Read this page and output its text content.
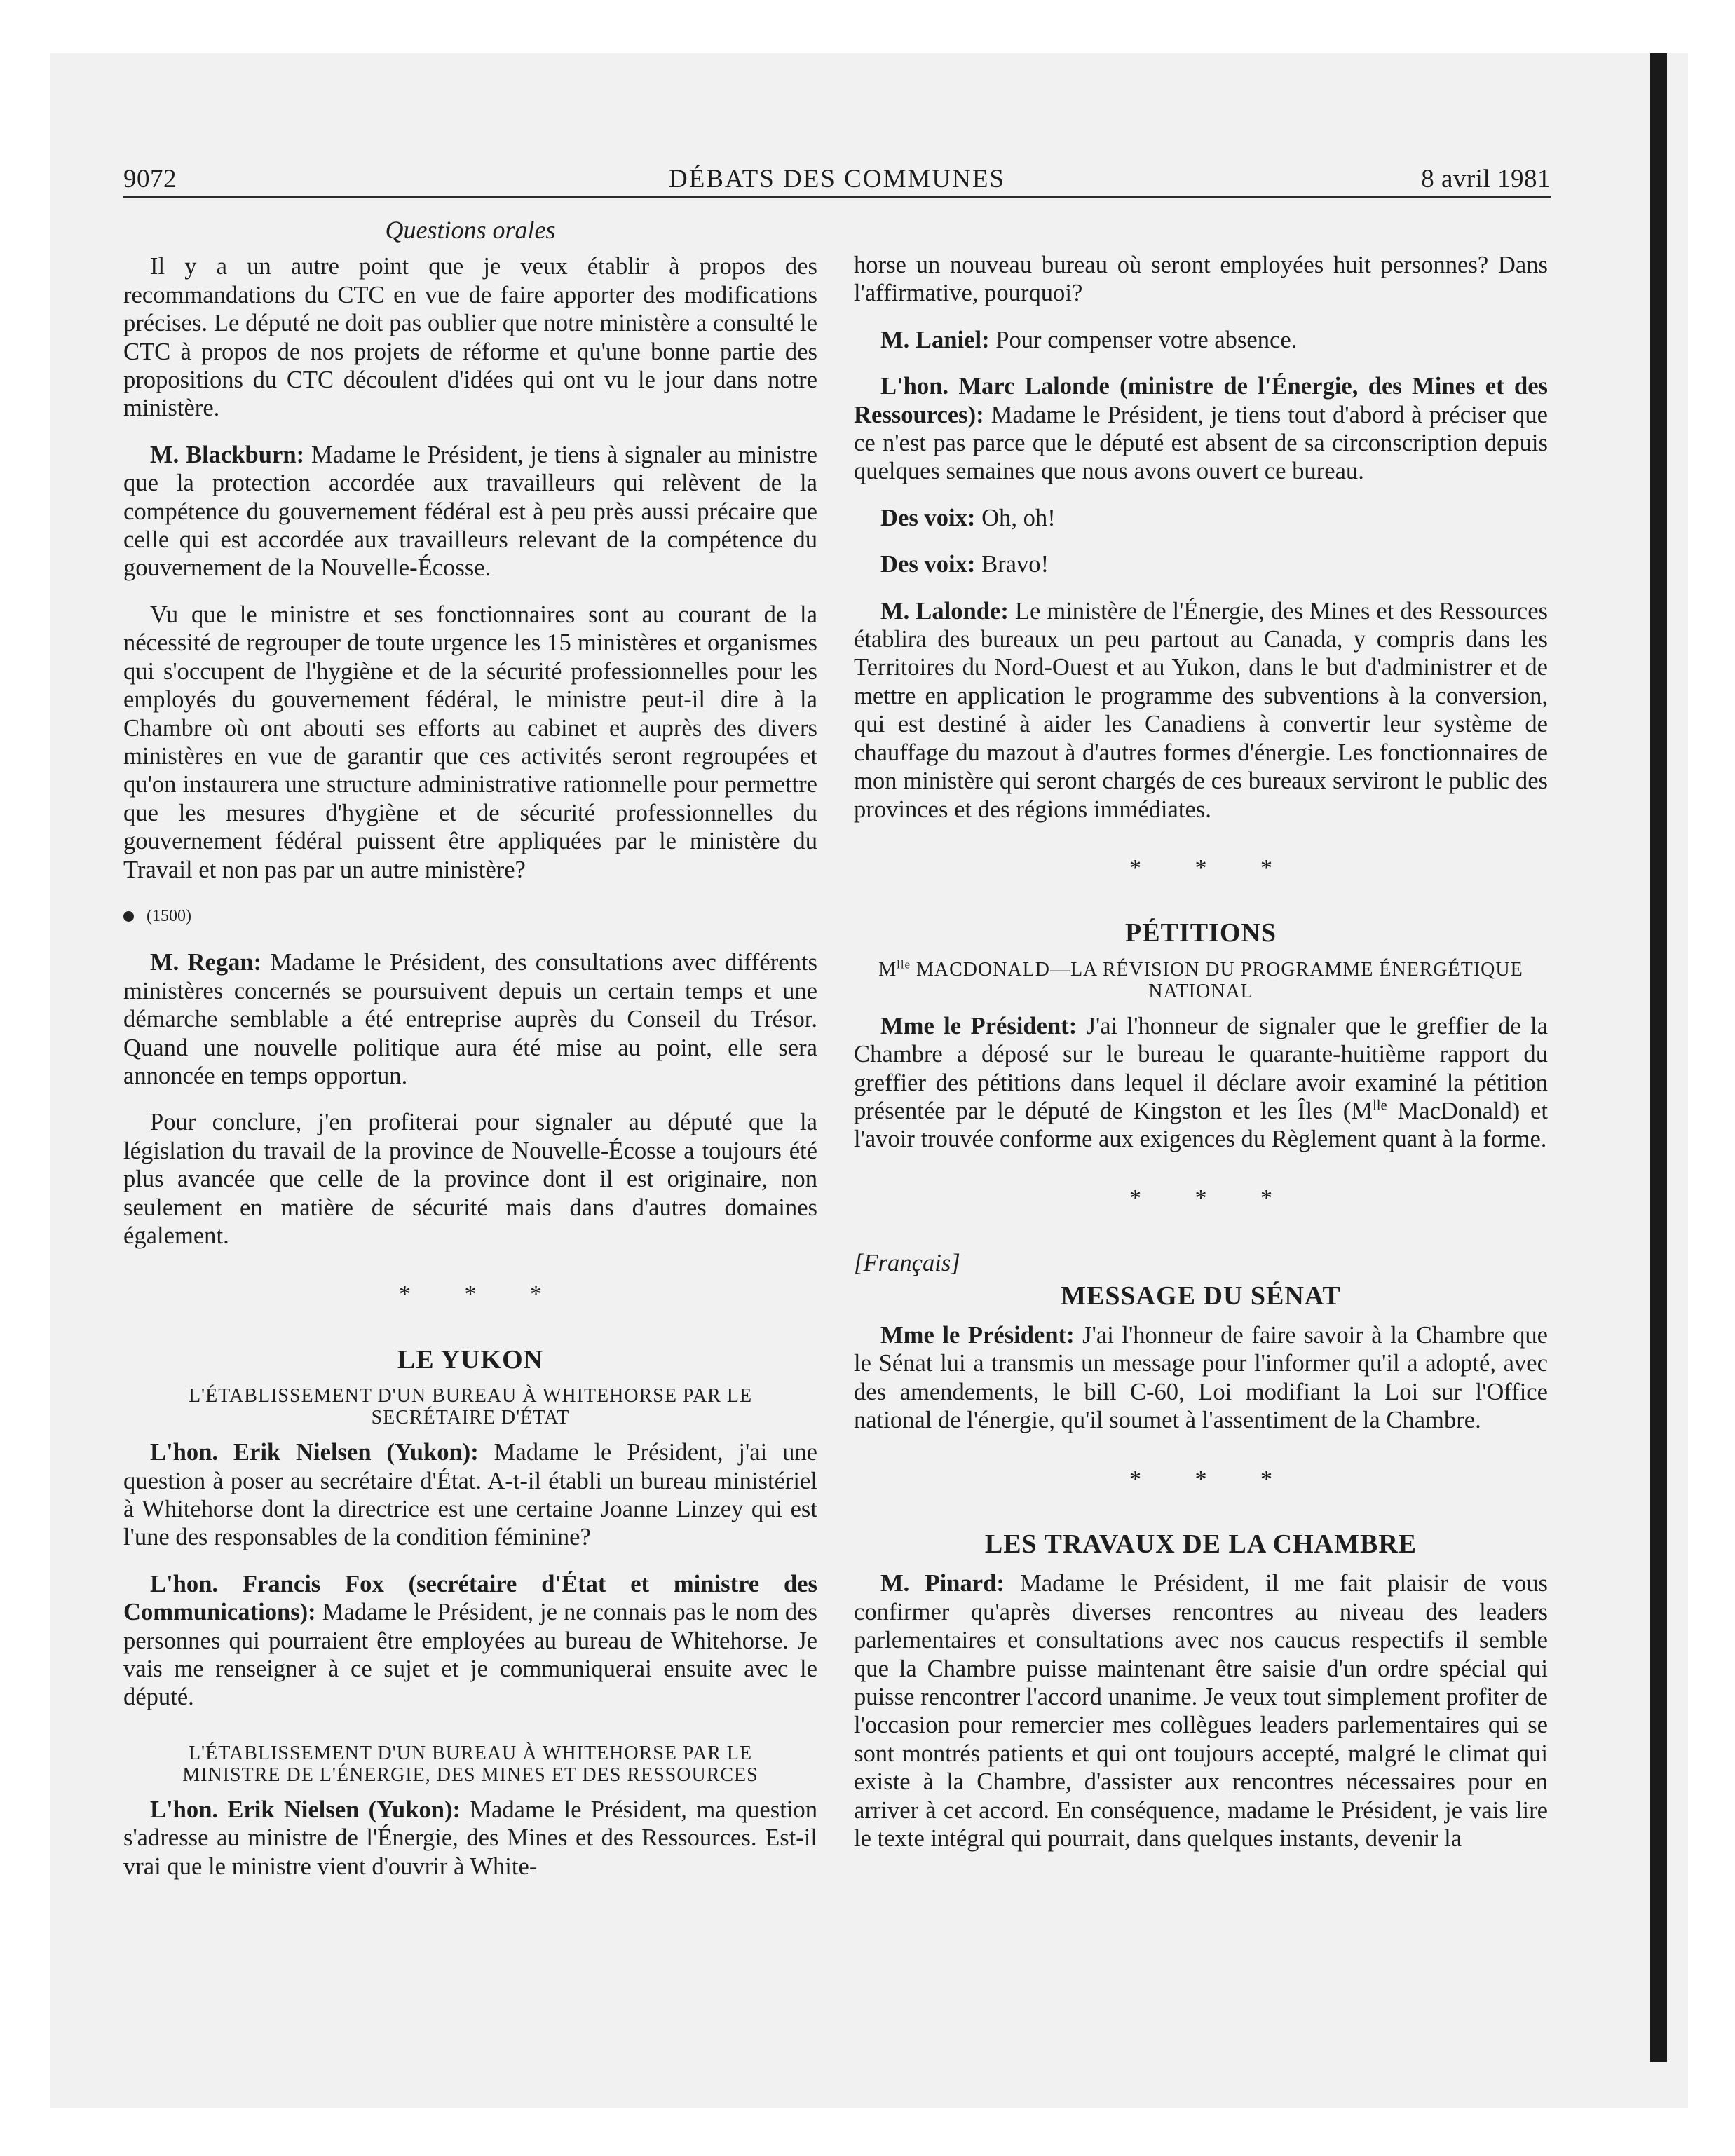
9072	DÉBATS DES COMMUNES	8 avril 1981
Questions orales

Il y a un autre point que je veux établir à propos des recommandations du CTC en vue de faire apporter des modifications précises. Le député ne doit pas oublier que notre ministère a consulté le CTC à propos de nos projets de réforme et qu'une bonne partie des propositions du CTC découlent d'idées qui ont vu le jour dans notre ministère.

M. Blackburn: Madame le Président, je tiens à signaler au ministre que la protection accordée aux travailleurs qui relèvent de la compétence du gouvernement fédéral est à peu près aussi précaire que celle qui est accordée aux travailleurs relevant de la compétence du gouvernement de la Nouvelle-Écosse.

Vu que le ministre et ses fonctionnaires sont au courant de la nécessité de regrouper de toute urgence les 15 ministères et organismes qui s'occupent de l'hygiène et de la sécurité professionnelles pour les employés du gouvernement fédéral, le ministre peut-il dire à la Chambre où ont abouti ses efforts au cabinet et auprès des divers ministères en vue de garantir que ces activités seront regroupées et qu'on instaurera une structure administrative rationnelle pour permettre que les mesures d'hygiène et de sécurité professionnelles du gouvernement fédéral puissent être appliquées par le ministère du Travail et non pas par un autre ministère?

(1500)

M. Regan: Madame le Président, des consultations avec différents ministères concernés se poursuivent depuis un certain temps et une démarche semblable a été entreprise auprès du Conseil du Trésor. Quand une nouvelle politique aura été mise au point, elle sera annoncée en temps opportun.

Pour conclure, j'en profiterai pour signaler au député que la législation du travail de la province de Nouvelle-Écosse a toujours été plus avancée que celle de la province dont il est originaire, non seulement en matière de sécurité mais dans d'autres domaines également.

* * *
LE YUKON
L'ÉTABLISSEMENT D'UN BUREAU À WHITEHORSE PAR LE SECRÉTAIRE D'ÉTAT

L'hon. Erik Nielsen (Yukon): Madame le Président, j'ai une question à poser au secrétaire d'État. A-t-il établi un bureau ministériel à Whitehorse dont la directrice est une certaine Joanne Linzey qui est l'une des responsables de la condition féminine?

L'hon. Francis Fox (secrétaire d'État et ministre des Communications): Madame le Président, je ne connais pas le nom des personnes qui pourraient être employées au bureau de Whitehorse. Je vais me renseigner à ce sujet et je communiquerai ensuite avec le député.

L'ÉTABLISSEMENT D'UN BUREAU À WHITEHORSE PAR LE MINISTRE DE L'ÉNERGIE, DES MINES ET DES RESSOURCES

L'hon. Erik Nielsen (Yukon): Madame le Président, ma question s'adresse au ministre de l'Énergie, des Mines et des Ressources. Est-il vrai que le ministre vient d'ouvrir à White-

horse un nouveau bureau où seront employées huit personnes? Dans l'affirmative, pourquoi?

M. Laniel: Pour compenser votre absence.

L'hon. Marc Lalonde (ministre de l'Énergie, des Mines et des Ressources): Madame le Président, je tiens tout d'abord à préciser que ce n'est pas parce que le député est absent de sa circonscription depuis quelques semaines que nous avons ouvert ce bureau.

Des voix: Oh, oh!

Des voix: Bravo!

M. Lalonde: Le ministère de l'Énergie, des Mines et des Ressources établira des bureaux un peu partout au Canada, y compris dans les Territoires du Nord-Ouest et au Yukon, dans le but d'administrer et de mettre en application le programme des subventions à la conversion, qui est destiné à aider les Canadiens à convertir leur système de chauffage du mazout à d'autres formes d'énergie. Les fonctionnaires de mon ministère qui seront chargés de ces bureaux serviront le public des provinces et des régions immédiates.

* * *
PÉTITIONS
$M^{lle}$ MACDONALD—LA RÉVISION DU PROGRAMME ÉNERGÉTIQUE NATIONAL

Mme le Président: J'ai l'honneur de signaler que le greffier de la Chambre a déposé sur le bureau le quarante-huitième rapport du greffier des pétitions dans lequel il déclare avoir examiné la pétition présentée par le député de Kingston et les Îles ($M^{lle}$ MacDonald) et l'avoir trouvée conforme aux exigences du Règlement quant à la forme.

* * *
[Français]
MESSAGE DU SÉNAT

Mme le Président: J'ai l'honneur de faire savoir à la Chambre que le Sénat lui a transmis un message pour l'informer qu'il a adopté, avec des amendements, le bill C-60, Loi modifiant la Loi sur l'Office national de l'énergie, qu'il soumet à l'assentiment de la Chambre.

* * *
LES TRAVAUX DE LA CHAMBRE

M. Pinard: Madame le Président, il me fait plaisir de vous confirmer qu'après diverses rencontres au niveau des leaders parlementaires et consultations avec nos caucus respectifs il semble que la Chambre puisse maintenant être saisie d'un ordre spécial qui puisse rencontrer l'accord unanime. Je veux tout simplement profiter de l'occasion pour remercier mes collègues leaders parlementaires qui se sont montrés patients et qui ont toujours accepté, malgré le climat qui existe à la Chambre, d'assister aux rencontres nécessaires pour en arriver à cet accord. En conséquence, madame le Président, je vais lire le texte intégral qui pourrait, dans quelques instants, devenir la
